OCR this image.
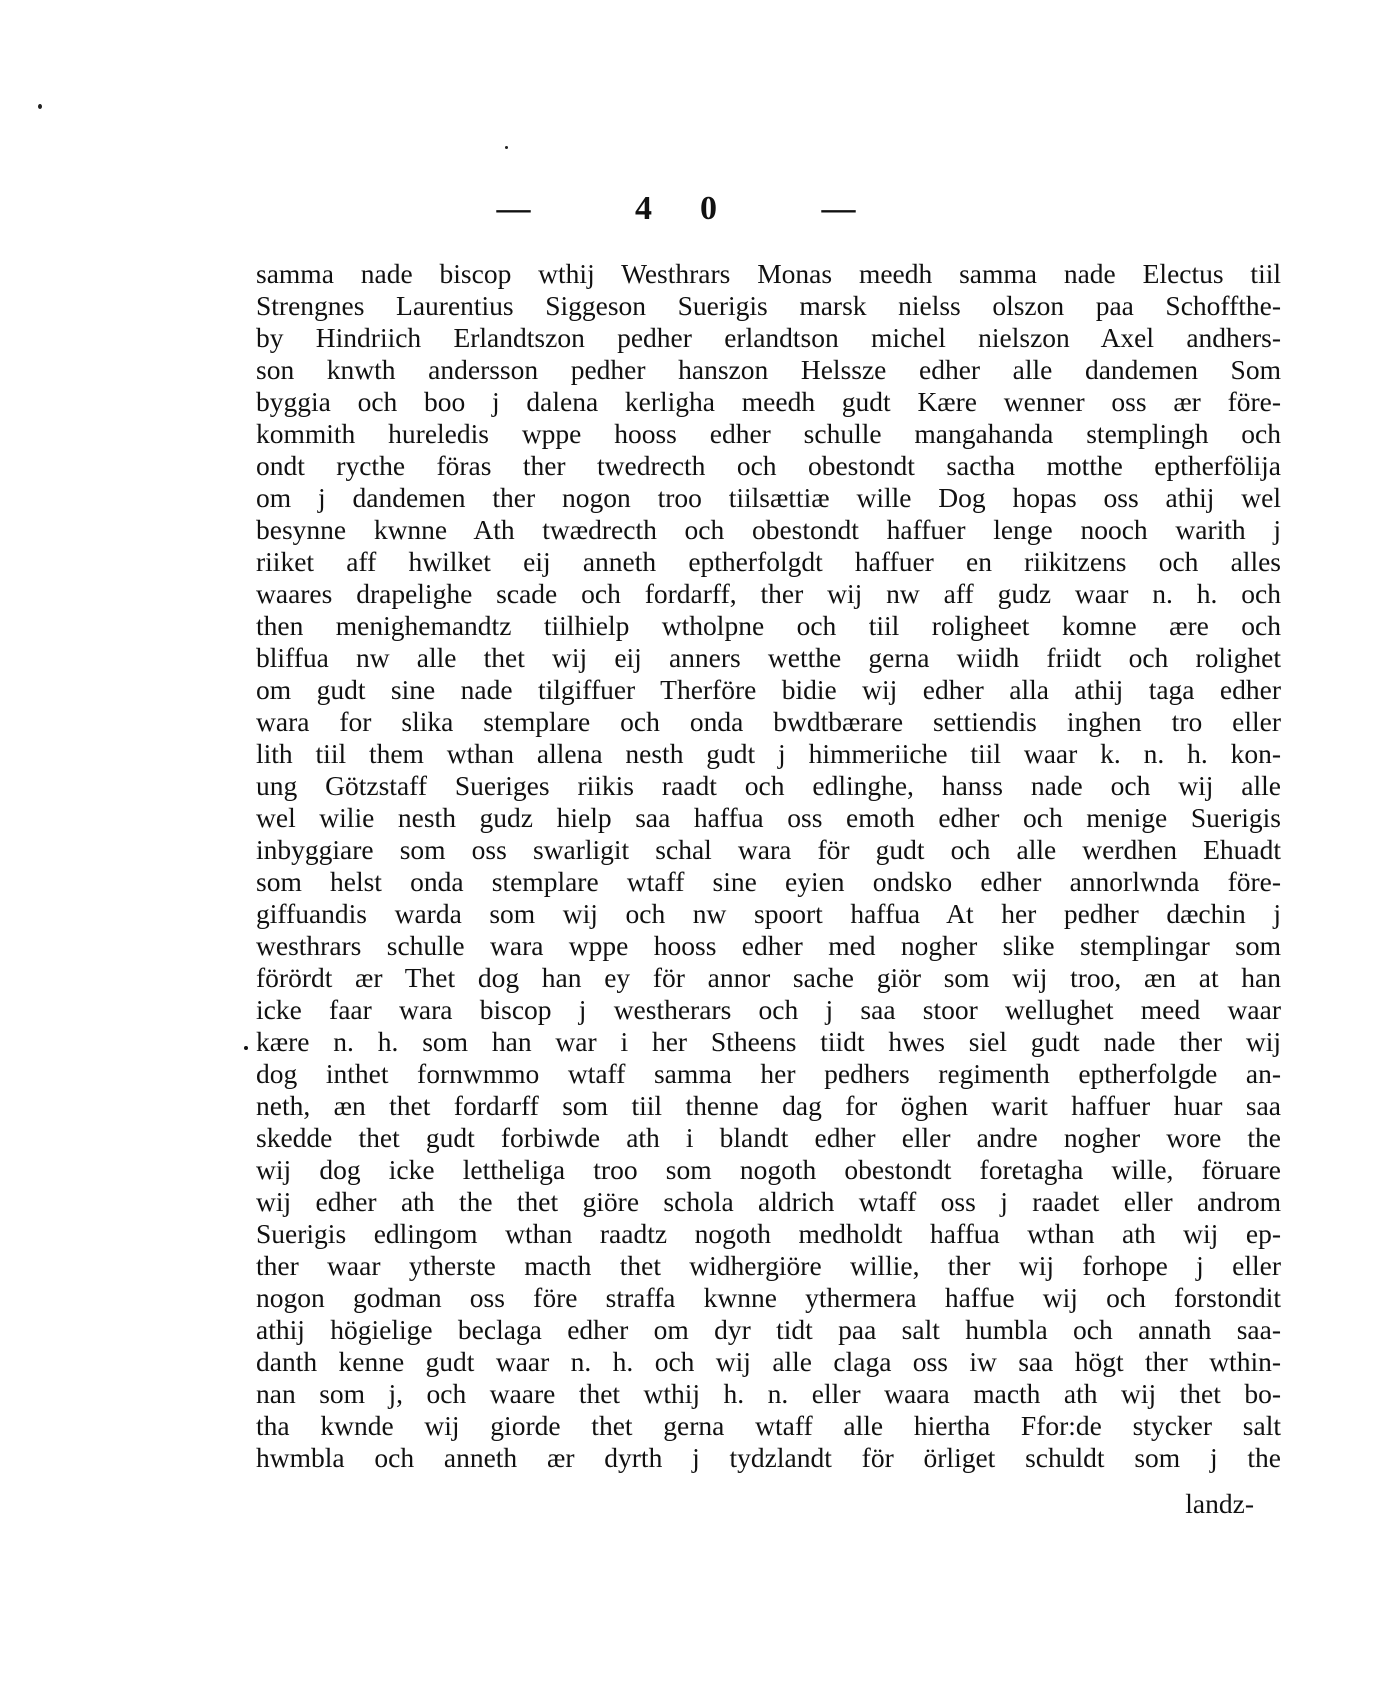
— 40 —
samma nade biscop wthij Westhrars Monas meedh samma nade Electus tiil
Strengnes Laurentius Siggeson Suerigis marsk nielss olszon paa Schoffthe-
by Hindriich Erlandtszon pedher erlandtson michel nielszon Axel andhers-
son knwth andersson pedher hanszon Helssze edher alle dandemen Som
byggia och boo j dalena kerligha meedh gudt Kære wenner oss ær före-
kommith hureledis wppe hooss edher schulle mangahanda stemplingh och
ondt rycthe föras ther twedrecth och obestondt sactha motthe eptherfölija
om j dandemen ther nogon troo tiilsættiæ wille Dog hopas oss athij wel
besynne kwnne Ath twædrecth och obestondt haffuer lenge nooch warith j
riiket aff hwilket eij anneth eptherfolgdt haffuer en riikitzens och alles
waares drapelighe scade och fordarff, ther wij nw aff gudz waar n. h. och
then menighemandtz tiilhielp wtholpne och tiil roligheet komne ære och
bliffua nw alle thet wij eij anners wetthe gerna wiidh friidt och rolighet
om gudt sine nade tilgiffuer Therföre bidie wij edher alla athij taga edher
wara for slika stemplare och onda bwdtbærare settiendis inghen tro eller
lith tiil them wthan allena nesth gudt j himmeriiche tiil waar k. n. h. kon-
ung Götzstaff Sueriges riikis raadt och edlinghe, hanss nade och wij alle
wel wilie nesth gudz hielp saa haffua oss emoth edher och menige Suerigis
inbyggiare som oss swarligit schal wara för gudt och alle werdhen Ehuadt
som helst onda stemplare wtaff sine eyien ondsko edher annorlwnda före-
giffuandis warda som wij och nw spoort haffua At her pedher dæchin j
westhrars schulle wara wppe hooss edher med nogher slike stemplingar som
förördt ær Thet dog han ey för annor sache giör som wij troo, æn at han
icke faar wara biscop j westherars och j saa stoor wellughet meed waar
kære n. h. som han war i her Stheens tiidt hwes siel gudt nade ther wij
dog inthet fornwmmo wtaff samma her pedhers regimenth eptherfolgde an-
neth, æn thet fordarff som tiil thenne dag for öghen warit haffuer huar saa
skedde thet gudt forbiwde ath i blandt edher eller andre nogher wore the
wij dog icke lettheliga troo som nogoth obestondt foretagha wille, föruare
wij edher ath the thet giöre schola aldrich wtaff oss j raadet eller androm
Suerigis edlingom wthan raadtz nogoth medholdt haffua wthan ath wij ep-
ther waar ytherste macth thet widhergiöre willie, ther wij forhope j eller
nogon godman oss före straffa kwnne ythermera haffue wij och forstondit
athij högielige beclaga edher om dyr tidt paa salt humbla och annath saa-
danth kenne gudt waar n. h. och wij alle claga oss iw saa högt ther wthin-
nan som j, och waare thet wthij h. n. eller waara macth ath wij thet bo-
tha kwnde wij giorde thet gerna wtaff alle hiertha Ffor:de stycker salt
hwmbla och anneth ær dyrth j tydzlandt för örliget schuldt som j the
landz-
